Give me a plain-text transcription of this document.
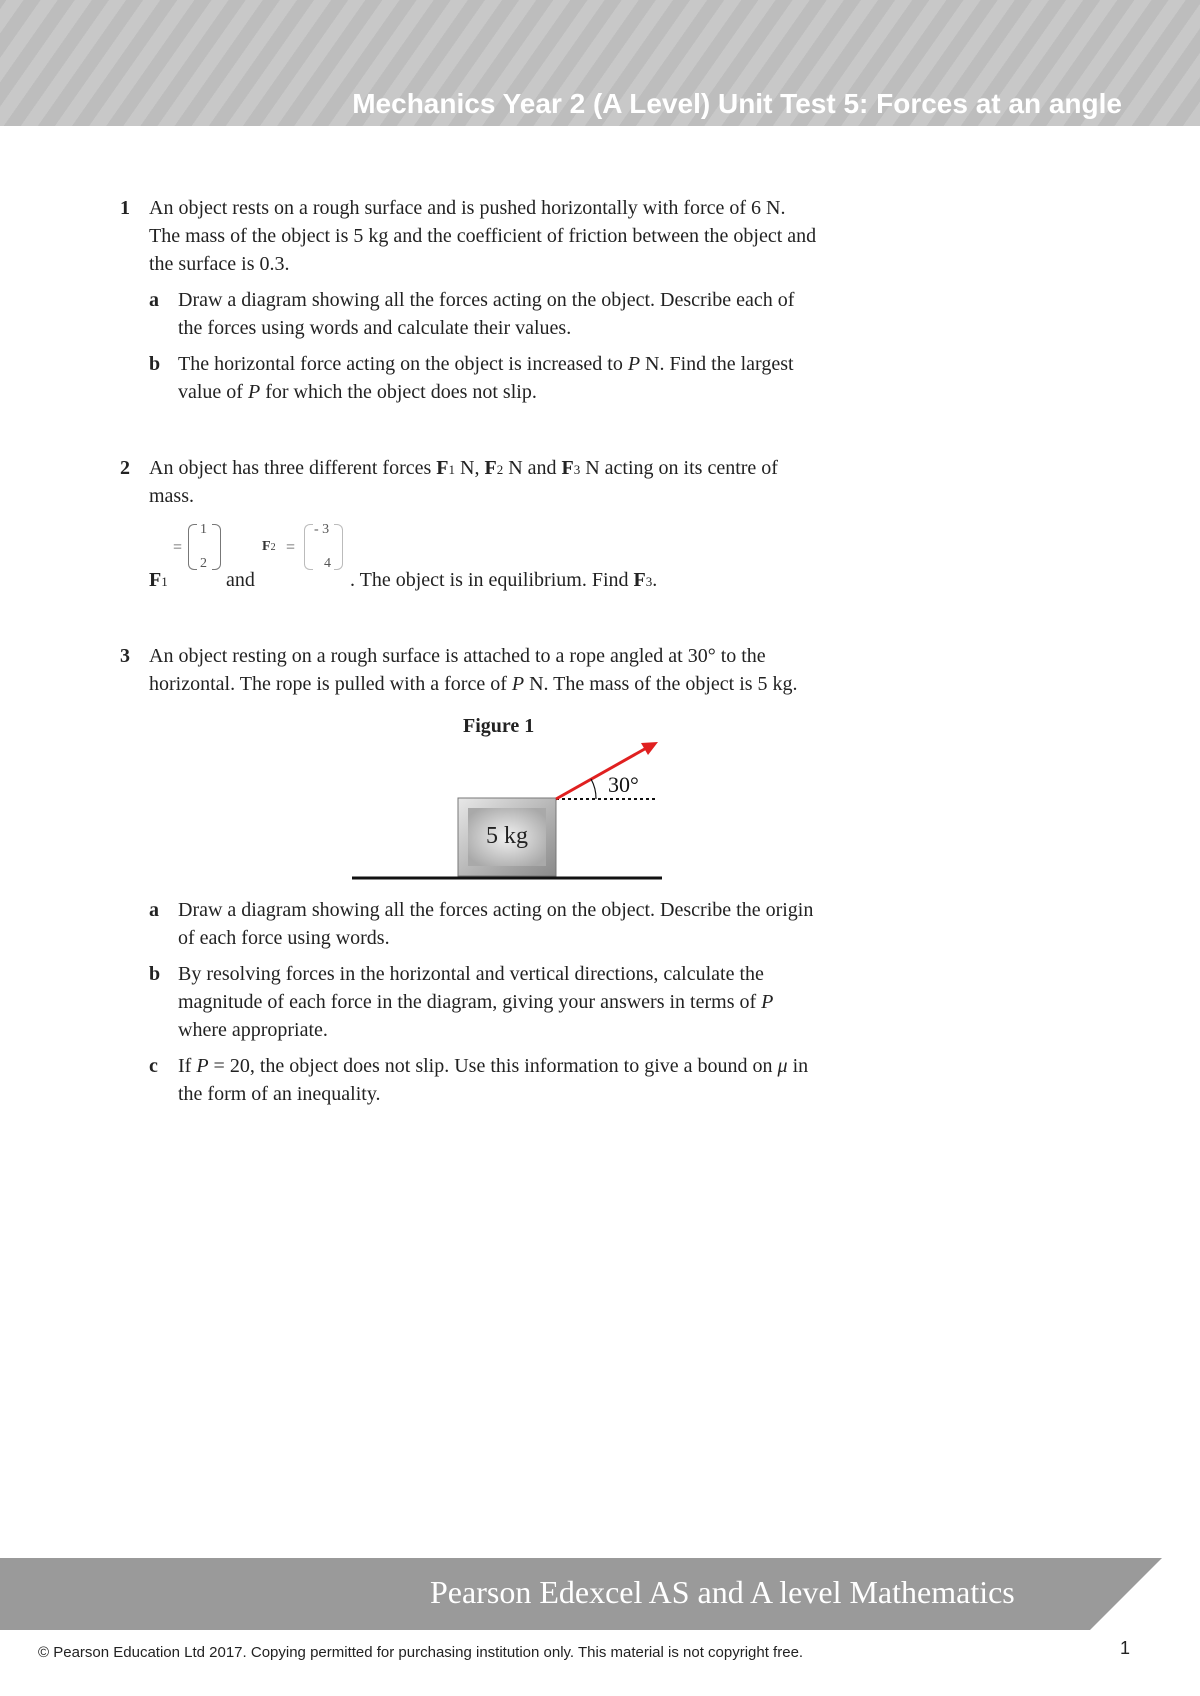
Mechanics Year 2 (A Level) Unit Test 5: Forces at an angle
1 An object rests on a rough surface and is pushed horizontally with force of 6 N.
The mass of the object is 5 kg and the coefficient of friction between the object and
the surface is 0.3.
a Draw a diagram showing all the forces acting on the object. Describe each of
the forces using words and calculate their values.
b The horizontal force acting on the object is increased to P N. Find the largest
value of P for which the object does not slip.
2 An object has three different forces F1 N, F2 N and F3 N acting on its centre of
mass.
F1
=
1
2
and
F2 =
- 3
4
. The object is in equilibrium. Find F3.
3 An object resting on a rough surface is attached to a rope angled at 30° to the
horizontal. The rope is pulled with a force of P N. The mass of the object is 5 kg.
Figure 1
5 kg
30°
a Draw a diagram showing all the forces acting on the object. Describe the origin
of each force using words.
b By resolving forces in the horizontal and vertical directions, calculate the
magnitude of each force in the diagram, giving your answers in terms of P
where appropriate.
c If P = 20, the object does not slip. Use this information to give a bound on μ in
the form of an inequality.
Pearson Edexcel AS and A level Mathematics
© Pearson Education Ltd 2017. Copying permitted for purchasing institution only. This material is not copyright free.	1
